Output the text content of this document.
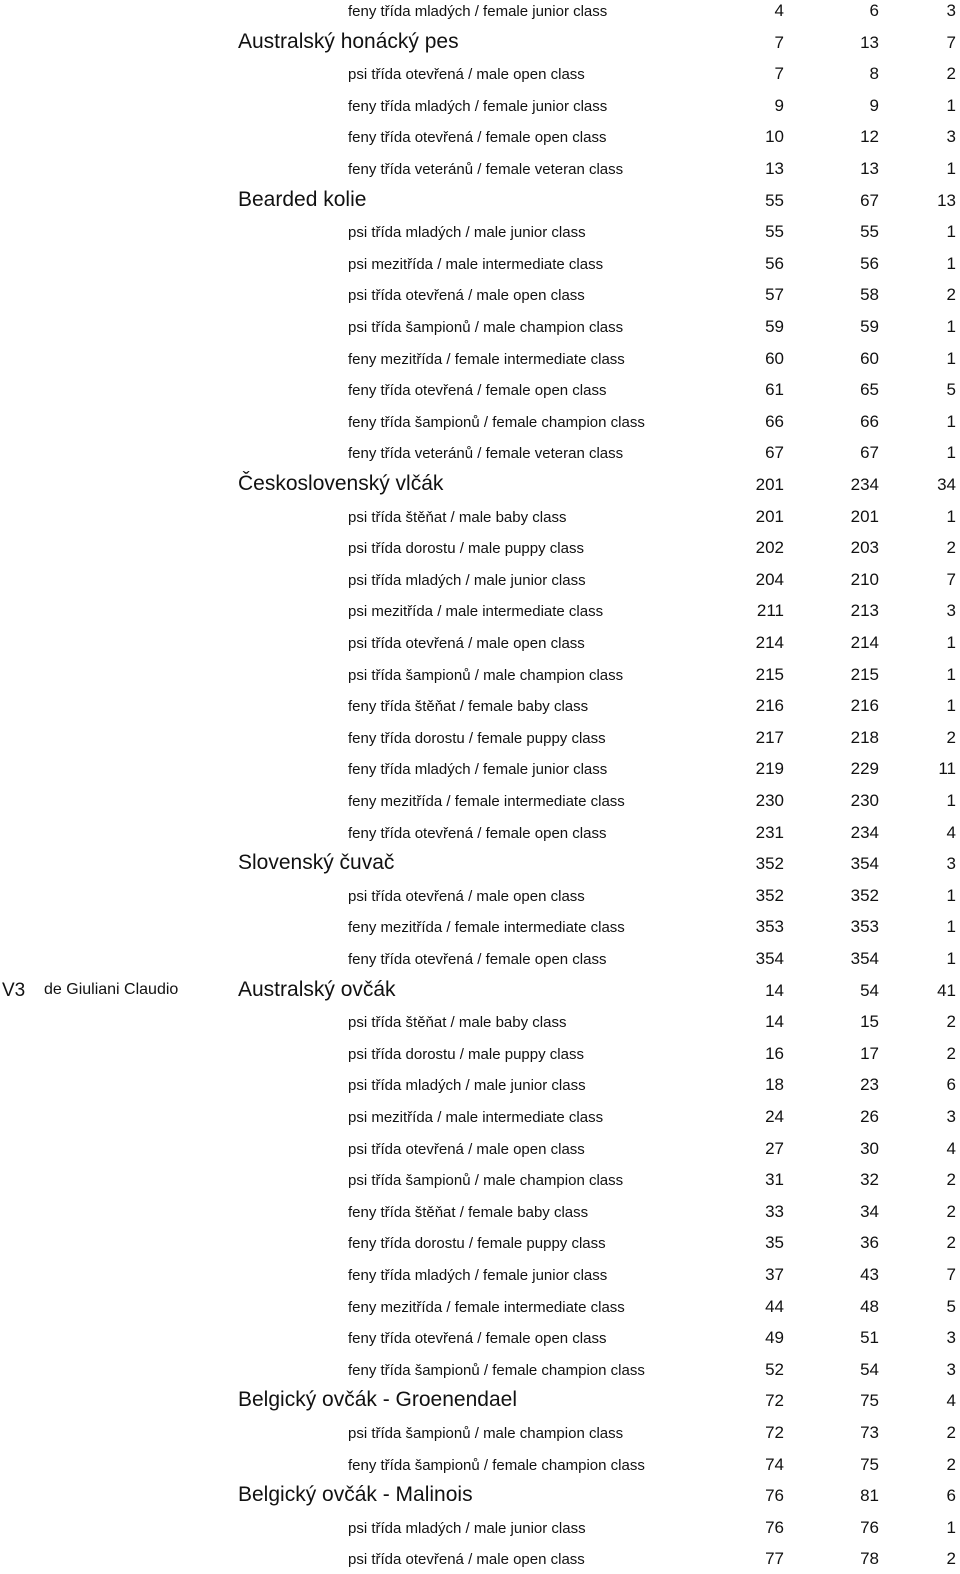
feny třída mladých / female junior class	4	6	3
Australský honácký pes	7	13	7
psi třída otevřená / male open class	7	8	2
feny třída mladých / female junior class	9	9	1
feny třída otevřená / female open class	10	12	3
feny třída veteránů / female veteran class	13	13	1
Bearded kolie	55	67	13
psi třída mladých / male junior class	55	55	1
psi mezitřída / male intermediate class	56	56	1
psi třída otevřená / male open class	57	58	2
psi třída šampionů / male champion class	59	59	1
feny mezitřída / female intermediate class	60	60	1
feny třída otevřená / female open class	61	65	5
feny třída šampionů / female champion class	66	66	1
feny třída veteránů / female veteran class	67	67	1
Československý vlčák	201	234	34
psi třída štěňat / male baby class	201	201	1
psi třída dorostu / male puppy class	202	203	2
psi třída mladých / male junior class	204	210	7
psi mezitřída / male intermediate class	211	213	3
psi třída otevřená / male open class	214	214	1
psi třída šampionů / male champion class	215	215	1
feny třída štěňat / female baby class	216	216	1
feny třída dorostu / female puppy class	217	218	2
feny třída mladých / female junior class	219	229	11
feny mezitřída / female intermediate class	230	230	1
feny třída otevřená / female open class	231	234	4
Slovenský čuvač	352	354	3
psi třída otevřená / male open class	352	352	1
feny mezitřída / female intermediate class	353	353	1
feny třída otevřená / female open class	354	354	1
V3 de Giuliani Claudio	Australský ovčák	14	54	41
psi třída štěňat / male baby class	14	15	2
psi třída dorostu / male puppy class	16	17	2
psi třída mladých / male junior class	18	23	6
psi mezitřída / male intermediate class	24	26	3
psi třída otevřená / male open class	27	30	4
psi třída šampionů / male champion class	31	32	2
feny třída štěňat / female baby class	33	34	2
feny třída dorostu / female puppy class	35	36	2
feny třída mladých / female junior class	37	43	7
feny mezitřída / female intermediate class	44	48	5
feny třída otevřená / female open class	49	51	3
feny třída šampionů / female champion class	52	54	3
Belgický ovčák - Groenendael	72	75	4
psi třída šampionů / male champion class	72	73	2
feny třída šampionů / female champion class	74	75	2
Belgický ovčák - Malinois	76	81	6
psi třída mladých / male junior class	76	76	1
psi třída otevřená / male open class	77	78	2
